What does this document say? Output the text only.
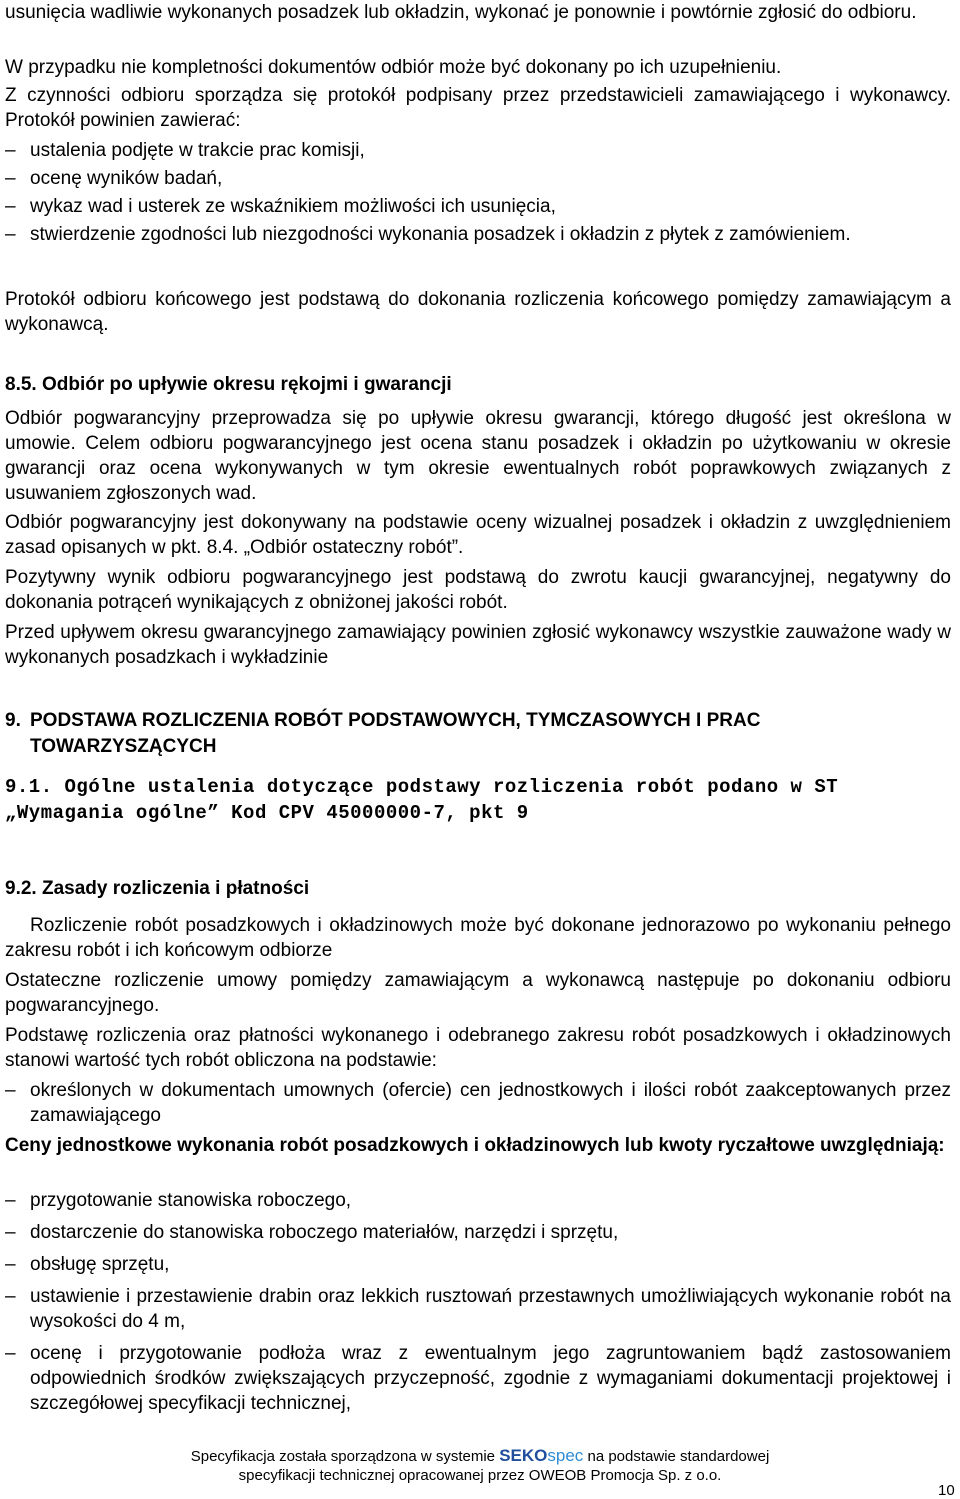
usunięcia wadliwie wykonanych posadzek lub okładzin, wykonać je ponownie i powtórnie zgłosić do odbioru.

W przypadku nie kompletności dokumentów odbiór może być dokonany po ich uzupełnieniu.

Z czynności odbioru sporządza się protokół podpisany przez przedstawicieli zamawiającego i wykonawcy. Protokół powinien zawierać:

– ustalenia podjęte w trakcie prac komisji,
– ocenę wyników badań,
– wykaz wad i usterek ze wskaźnikiem możliwości ich usunięcia,
– stwierdzenie zgodności lub niezgodności wykonania posadzek i okładzin z płytek z zamówieniem.

Protokół odbioru końcowego jest podstawą do dokonania rozliczenia końcowego pomiędzy zamawiającym a wykonawcą.

8.5. Odbiór po upływie okresu rękojmi i gwarancji

Odbiór pogwarancyjny przeprowadza się po upływie okresu gwarancji, którego długość jest określona w umowie. Celem odbioru pogwarancyjnego jest ocena stanu posadzek i okładzin po użytkowaniu w okresie gwarancji oraz ocena wykonywanych w tym okresie ewentualnych robót poprawkowych związanych z usuwaniem zgłoszonych wad.

Odbiór pogwarancyjny jest dokonywany na podstawie oceny wizualnej posadzek i okładzin z uwzględnieniem zasad opisanych w pkt. 8.4. „Odbiór ostateczny robót”.

Pozytywny wynik odbioru pogwarancyjnego jest podstawą do zwrotu kaucji gwarancyjnej, negatywny do dokonania potrąceń wynikających z obniżonej jakości robót.

Przed upływem okresu gwarancyjnego zamawiający powinien zgłosić wykonawcy wszystkie zauważone wady w wykonanych posadzkach i wykładzinie

9. PODSTAWA ROZLICZENIA ROBÓT PODSTAWOWYCH, TYMCZASOWYCH I PRAC TOWARZYSZĄCYCH
9.1. Ogólne ustalenia dotyczące podstawy rozliczenia robót podano w ST „Wymagania ogólne” Kod CPV 45000000-7, pkt 9
9.2. Zasady rozliczenia i płatności

Rozliczenie robót posadzkowych i okładzinowych może być dokonane jednorazowo po wykonaniu pełnego zakresu robót i ich końcowym odbiorze

Ostateczne rozliczenie umowy pomiędzy zamawiającym a wykonawcą następuje po dokonaniu odbioru pogwarancyjnego.

Podstawę rozliczenia oraz płatności wykonanego i odebranego zakresu robót posadzkowych i okładzinowych stanowi wartość tych robót obliczona na podstawie:

– określonych w dokumentach umownych (ofercie) cen jednostkowych i ilości robót zaakceptowanych przez zamawiającego

Ceny jednostkowe wykonania robót posadzkowych i okładzinowych lub kwoty ryczałtowe uwzględniają:

– przygotowanie stanowiska roboczego,
– dostarczenie do stanowiska roboczego materiałów, narzędzi i sprzętu,
– obsługę sprzętu,
– ustawienie i przestawienie drabin oraz lekkich rusztowań przestawnych umożliwiających wykonanie robót na wysokości do 4 m,
– ocenę i przygotowanie podłoża wraz z ewentualnym jego zagruntowaniem bądź zastosowaniem odpowiednich środków zwiększających przyczepność, zgodnie z wymaganiami dokumentacji projektowej i szczegółowej specyfikacji technicznej,
Specyfikacja została sporządzona w systemie SEKOspec na podstawie standardowej
specyfikacji technicznej opracowanej przez OWEOB Promocja Sp. z o.o.
10
